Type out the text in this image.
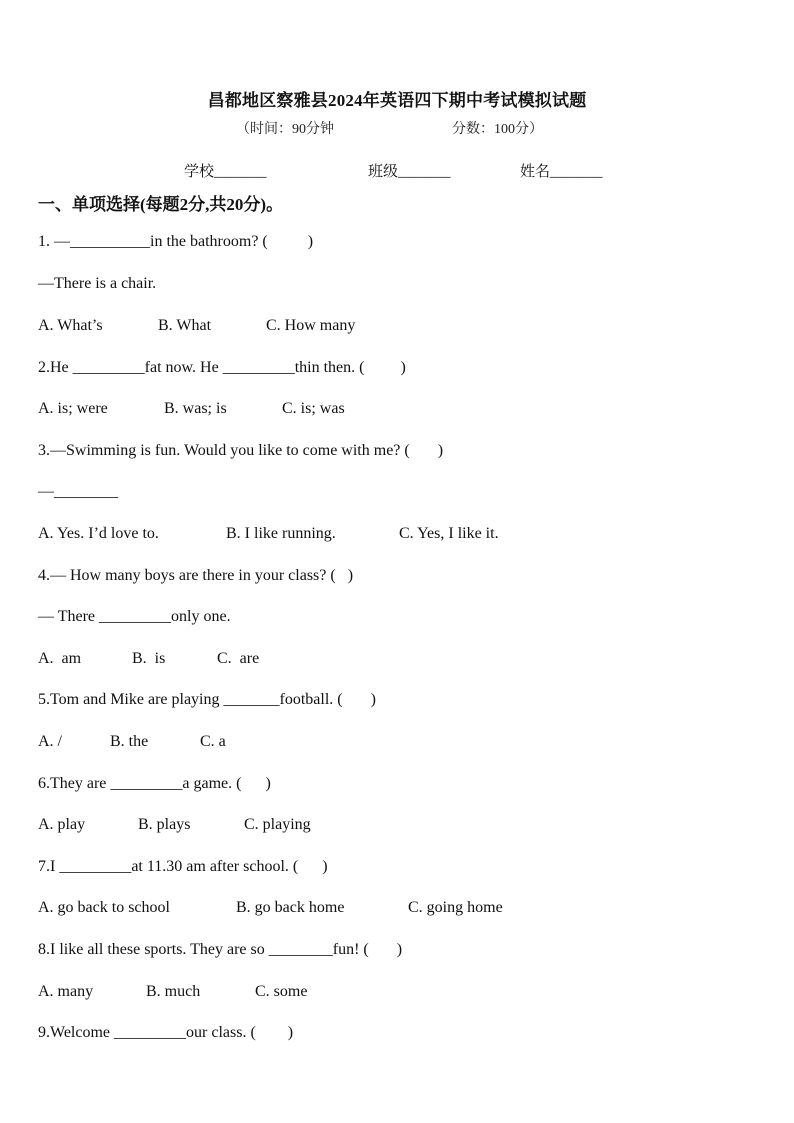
昌都地区察雅县2024年英语四下期中考试模拟试题
（时间：90分钟	分数：100分）
学校_______	班级_______	姓名_______
一、单项选择(每题2分,共20分)。
1. —__________in the bathroom? (          )
—There is a chair.

A. What’s

	B. What

	C. How many

2.He _________fat now. He _________thin then. (         )

A. is; were

	B. was; is

	C. is; was

3.—Swimming is fun. Would you like to come with me? (       )
—________

A. Yes. I’d love to.

	B. I like running.

	C. Yes, I like it.

4.— How many boys are there in your class? (   )
— There _________only one.

A.  am

	B.  is

	C.  are

5.Tom and Mike are playing _______football. (       )

A. /

	B. the

	C. a

6.They are _________a game. (      )

A. play

	B. plays

	C. playing

7.I _________at 11.30 am after school. (      )

A. go back to school

	B. go back home

	C. going home

8.I like all these sports. They are so ________fun! (       )

A. many

	B. much

	C. some

9.Welcome _________our class. (        )
